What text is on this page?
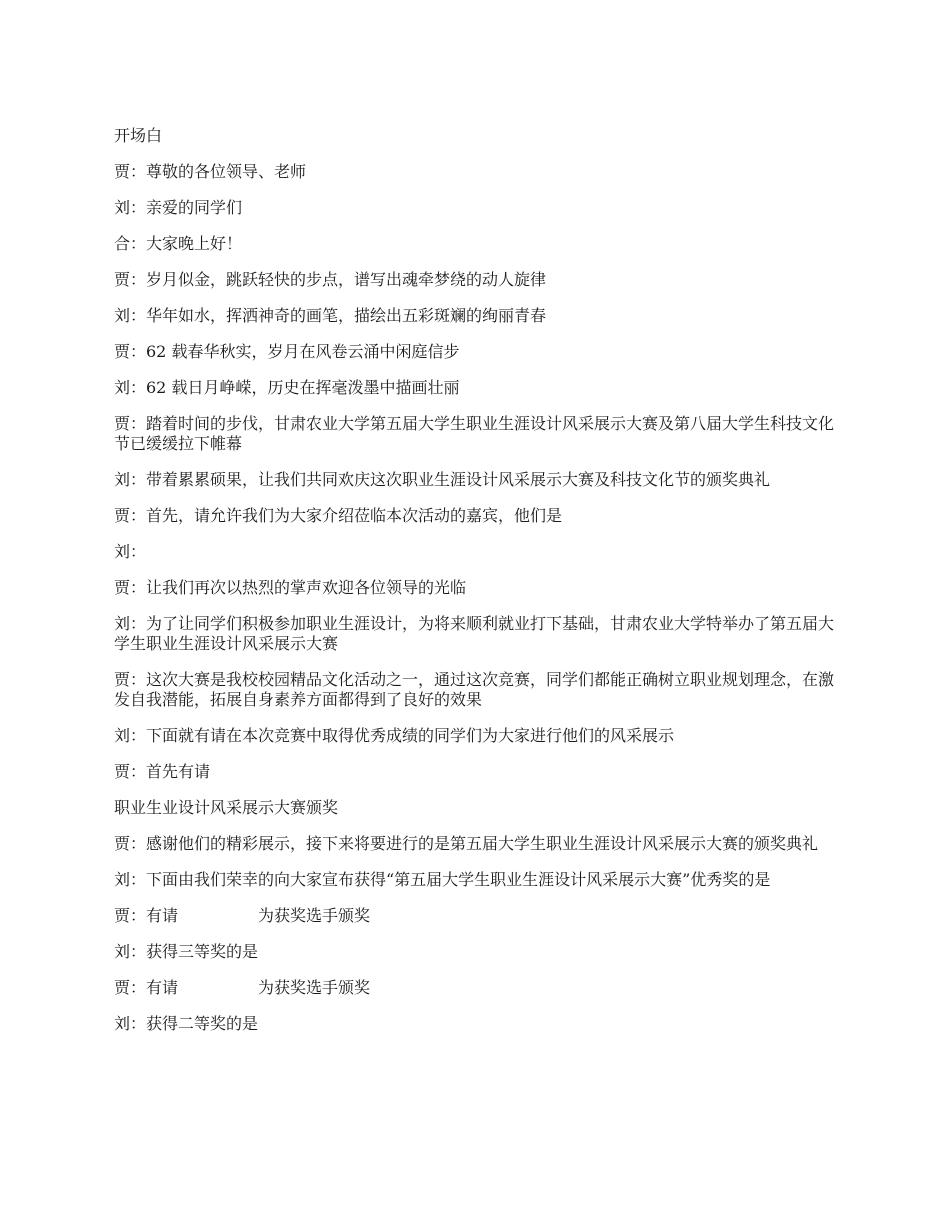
开场白

贾：尊敬的各位领导、老师

刘：亲爱的同学们

合：大家晚上好！

贾：岁月似金，跳跃轻快的步点，谱写出魂牵梦绕的动人旋律

刘：华年如水，挥洒神奇的画笔，描绘出五彩斑斓的绚丽青春

贾：62 载春华秋实，岁月在风卷云涌中闲庭信步

刘：62 载日月峥嵘，历史在挥毫泼墨中描画壮丽

贾：踏着时间的步伐，甘肃农业大学第五届大学生职业生涯设计风采展示大赛及第八届大学生科技文化节已缓缓拉下帷幕

刘：带着累累硕果，让我们共同欢庆这次职业生涯设计风采展示大赛及科技文化节的颁奖典礼

贾：首先，请允许我们为大家介绍莅临本次活动的嘉宾，他们是

刘：

贾：让我们再次以热烈的掌声欢迎各位领导的光临

刘：为了让同学们积极参加职业生涯设计，为将来顺利就业打下基础，甘肃农业大学特举办了第五届大学生职业生涯设计风采展示大赛

贾：这次大赛是我校校园精品文化活动之一，通过这次竞赛，同学们都能正确树立职业规划理念，在激发自我潜能，拓展自身素养方面都得到了良好的效果

刘：下面就有请在本次竞赛中取得优秀成绩的同学们为大家进行他们的风采展示

贾：首先有请

职业生业设计风采展示大赛颁奖

贾：感谢他们的精彩展示，接下来将要进行的是第五届大学生职业生涯设计风采展示大赛的颁奖典礼

刘：下面由我们荣幸的向大家宣布获得“第五届大学生职业生涯设计风采展示大赛”优秀奖的是

贾：有请　　　　　为获奖选手颁奖

刘：获得三等奖的是

贾：有请　　　　　为获奖选手颁奖

刘：获得二等奖的是
